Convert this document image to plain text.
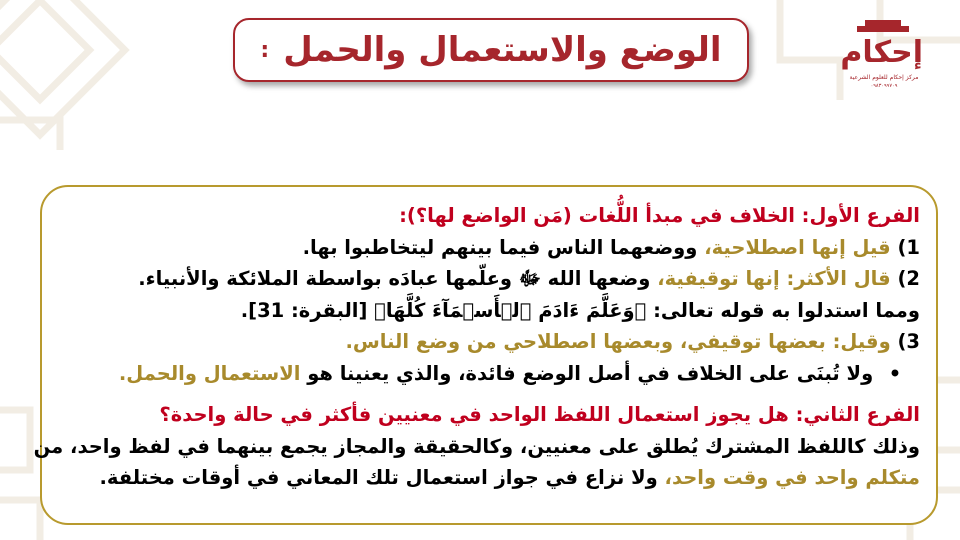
الوضع والاستعمال والحمل
:	إحكام
مركز إحكام للعلوم الشرعية
٠٩٨٣٠٩٩٧٠٩
الفرع الأول: الخلاف في مبدأ اللُّغات (مَن الواضع لها؟):
1) قيل إنها اصطلاحية، ووضعهما الناس فيما بينهم ليتخاطبوا بها.
2) قال الأكثر: إنها توقيفية، وضعها الله ﷻ وعلّمها عبادَه بواسطة الملائكة والأنبياء.
ومما استدلوا به قوله تعالى: ﴿وَعَلَّمَ ءَادَمَ ٱلۡأَسۡمَآءَ كُلَّهَا﴾ [البقرة: 31].
3) وقيل: بعضها توقيفي، وبعضها اصطلاحي من وضع الناس.
• ولا تُبنَى على الخلاف في أصل الوضع فائدة، والذي يعنينا هو الاستعمال والحمل.
الفرع الثاني: هل يجوز استعمال اللفظ الواحد في معنيين فأكثر في حالة واحدة؟
وذلك كاللفظ المشترك يُطلق على معنيين، وكالحقيقة والمجاز يجمع بينهما في لفظ واحد، من
متكلم واحد في وقت واحد، ولا نزاع في جواز استعمال تلك المعاني في أوقات مختلفة.
